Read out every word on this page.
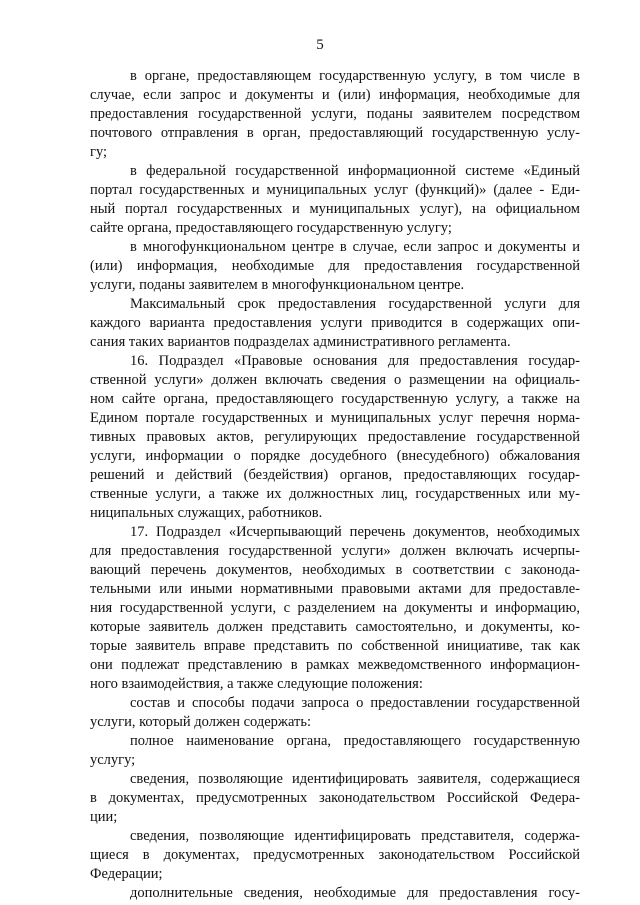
5
в органе, предоставляющем государственную услугу, в том числе в
случае, если запрос и документы и (или) информация, необходимые для
предоставления государственной услуги, поданы заявителем посредством
почтового отправления в орган, предоставляющий государственную услу-
гу;
в федеральной государственной информационной системе «Единый
портал государственных и муниципальных услуг (функций)» (далее - Еди-
ный портал государственных и муниципальных услуг), на официальном
сайте органа, предоставляющего государственную услугу;
в многофункциональном центре в случае, если запрос и документы и
(или) информация, необходимые для предоставления государственной
услуги, поданы заявителем в многофункциональном центре.
Максимальный срок предоставления государственной услуги для
каждого варианта предоставления услуги приводится в содержащих опи-
сания таких вариантов подразделах административного регламента.
16. Подраздел «Правовые основания для предоставления государ-
ственной услуги» должен включать сведения о размещении на официаль-
ном сайте органа, предоставляющего государственную услугу, а также на
Едином портале государственных и муниципальных услуг перечня норма-
тивных правовых актов, регулирующих предоставление государственной
услуги, информации о порядке досудебного (внесудебного) обжалования
решений и действий (бездействия) органов, предоставляющих государ-
ственные услуги, а также их должностных лиц, государственных или му-
ниципальных служащих, работников.
17. Подраздел «Исчерпывающий перечень документов, необходимых
для предоставления государственной услуги» должен включать исчерпы-
вающий перечень документов, необходимых в соответствии с законода-
тельными или иными нормативными правовыми актами для предоставле-
ния государственной услуги, с разделением на документы и информацию,
которые заявитель должен представить самостоятельно, и документы, ко-
торые заявитель вправе представить по собственной инициативе, так как
они подлежат представлению в рамках межведомственного информацион-
ного взаимодействия, а также следующие положения:
состав и способы подачи запроса о предоставлении государственной
услуги, который должен содержать:
полное наименование органа, предоставляющего государственную
услугу;
сведения, позволяющие идентифицировать заявителя, содержащиеся
в документах, предусмотренных законодательством Российской Федера-
ции;
сведения, позволяющие идентифицировать представителя, содержа-
щиеся в документах, предусмотренных законодательством Российской
Федерации;
дополнительные сведения, необходимые для предоставления госу-
